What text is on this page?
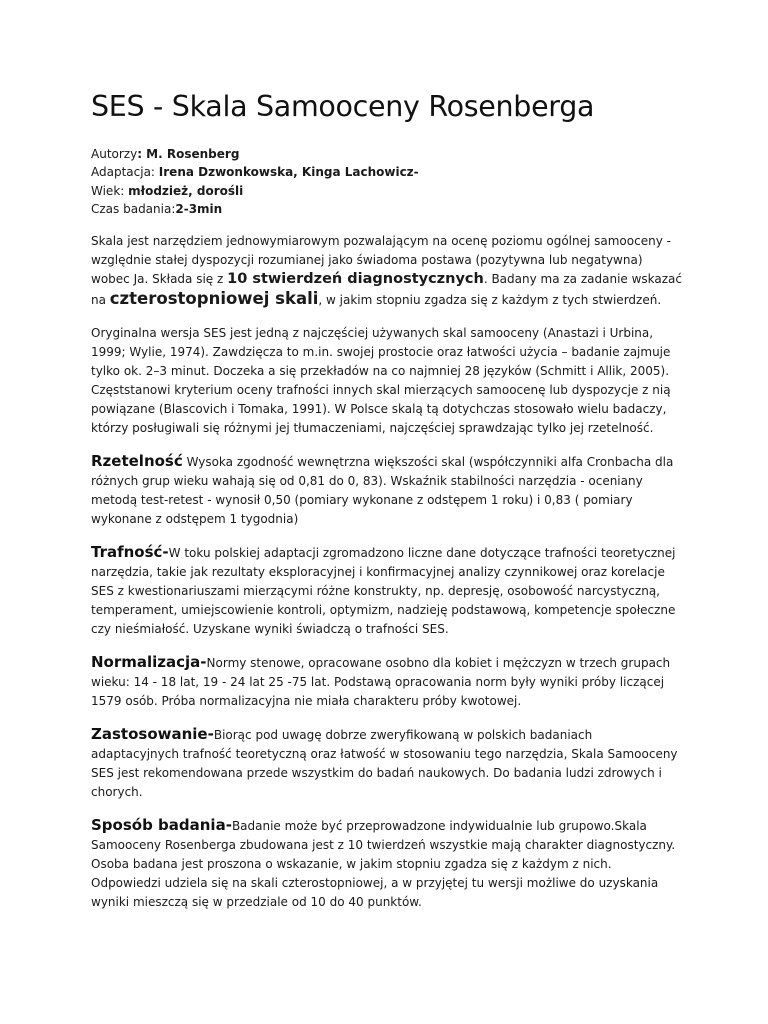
SES - Skala Samooceny Rosenberga
Autorzy: M. Rosenberg
Adaptacja: Irena Dzwonkowska, Kinga Lachowicz-
Wiek: młodzież, dorośli
Czas badania:2-3min

Skala jest narzędziem jednowymiarowym pozwalającym na ocenę poziomu ogólnej samooceny - względnie stałej dyspozycji rozumianej jako świadoma postawa (pozytywna lub negatywna) wobec Ja. Składa się z 10 stwierdzeń diagnostycznych. Badany ma za zadanie wskazać na czterostopniowej skali, w jakim stopniu zgadza się z każdym z tych stwierdzeń.

Oryginalna wersja SES jest jedną z najczęściej używanych skal samooceny (Anastazi i Urbina, 1999; Wylie, 1974). Zawdzięcza to m.in. swojej prostocie oraz łatwości użycia – badanie zajmuje tylko ok. 2–3 minut. Doczeka a się przekładów na co najmniej 28 języków (Schmitt i Allik, 2005). Częststanowi kryterium oceny trafności innych skal mierzących samoocenę lub dyspozycje z nią powiązane (Blascovich i Tomaka, 1991). W Polsce skalą tą dotychczas stosowało wielu badaczy, którzy posługiwali się różnymi jej tłumaczeniami, najczęściej sprawdzając tylko jej rzetelność.

Rzetelność Wysoka zgodność wewnętrzna większości skal (współczynniki alfa Cronbacha dla różnych grup wieku wahają się od 0,81 do 0, 83). Wskaźnik stabilności narzędzia - oceniany metodą test-retest - wynosił 0,50 (pomiary wykonane z odstępem 1 roku) i 0,83 ( pomiary wykonane z odstępem 1 tygodnia)

Trafność-W toku polskiej adaptacji zgromadzono liczne dane dotyczące trafności teoretycznej narzędzia, takie jak rezultaty eksploracyjnej i konfirmacyjnej analizy czynnikowej oraz korelacje SES z kwestionariuszami mierzącymi różne konstrukty, np. depresję, osobowość narcystyczną, temperament, umiejscowienie kontroli, optymizm, nadzieję podstawową, kompetencje społeczne czy nieśmiałość. Uzyskane wyniki świadczą o trafności SES.

Normalizacja-Normy stenowe, opracowane osobno dla kobiet i mężczyzn w trzech grupach wieku: 14 - 18 lat, 19 - 24 lat 25 -75 lat. Podstawą opracowania norm były wyniki próby liczącej 1579 osób. Próba normalizacyjna nie miała charakteru próby kwotowej.

Zastosowanie-Biorąc pod uwagę dobrze zweryfikowaną w polskich badaniach adaptacyjnych trafność teoretyczną oraz łatwość w stosowaniu tego narzędzia, Skala Samooceny SES jest rekomendowana przede wszystkim do badań naukowych. Do badania ludzi zdrowych i chorych.

Sposób badania-Badanie może być przeprowadzone indywidualnie lub grupowo.Skala Samooceny Rosenberga zbudowana jest z 10 twierdzeń wszystkie mają charakter diagnostyczny. Osoba badana jest proszona o wskazanie, w jakim stopniu zgadza się z każdym z nich. Odpowiedzi udziela się na skali czterostopniowej, a w przyjętej tu wersji możliwe do uzyskania wyniki mieszczą się w przedziale od 10 do 40 punktów.
